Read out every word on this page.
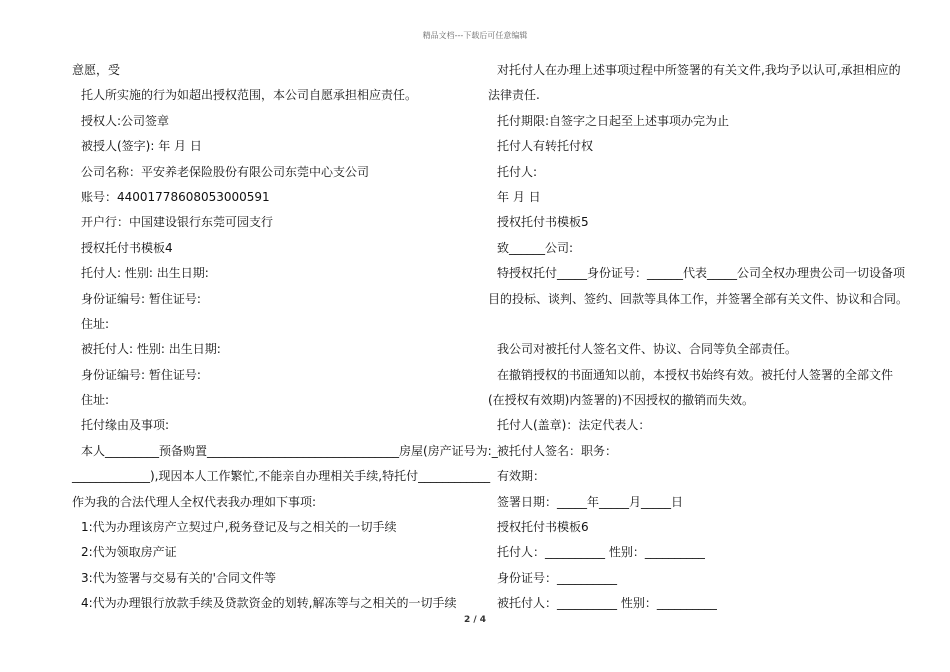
精品文档---下载后可任意编辑
意愿，受
托人所实施的行为如超出授权范围，本公司自愿承担相应责任。
授权人:公司签章
被授人(签字): 年 月 日
公司名称：平安养老保险股份有限公司东莞中心支公司
账号：44001778608053000591
开户行：中国建设银行东莞可园支行
授权托付书模板4
托付人: 性别: 出生日期:
身份证编号: 暂住证号:
住址:
被托付人: 性别: 出生日期:
身份证编号: 暂住证号:
住址:
托付缘由及事项:
本人_________预备购置________________________________房屋(房产证号为:_
_____________),现因本人工作繁忙,不能亲自办理相关手续,特托付____________
作为我的合法代理人全权代表我办理如下事项:
1:代为办理该房产立契过户,税务登记及与之相关的一切手续
2:代为领取房产证
3:代为签署与交易有关的'合同文件等
4:代为办理银行放款手续及贷款资金的划转,解冻等与之相关的一切手续
对托付人在办理上述事项过程中所签署的有关文件,我均予以认可,承担相应的
法律责任.
托付期限:自签字之日起至上述事项办完为止
托付人有转托付权
托付人:
年 月 日
授权托付书模板5
致______公司:
特授权托付_____身份证号：______代表_____公司全权办理贵公司一切设备项
目的投标、谈判、签约、回款等具体工作，并签署全部有关文件、协议和合同。
我公司对被托付人签名文件、协议、合同等负全部责任。
在撤销授权的书面通知以前，本授权书始终有效。被托付人签署的全部文件
(在授权有效期)内签署的)不因授权的撤销而失效。
托付人(盖章)：法定代表人：
被托付人签名：职务：
有效期：
签署日期：_____年_____月_____日
授权托付书模板6
托付人：__________ 性别：__________
身份证号：__________
被托付人：__________ 性别：__________
2 / 4
